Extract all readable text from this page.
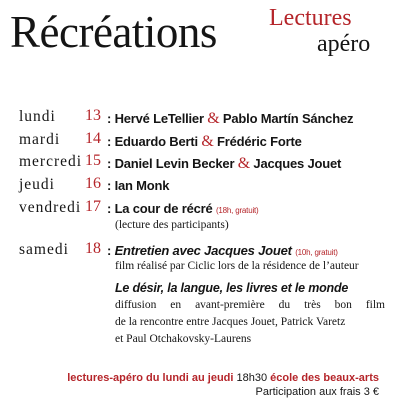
Récréations Lectures
apéro
lundi	13 : Hervé LeTellier & Pablo Martín Sánchez
mardi	14 : Eduardo Berti & Frédéric Forte
mercredi 15 : Daniel Levin Becker & Jacques Jouet
jeudi	16 : Ian Monk
vendredi 17 : La cour de récré (18h, gratuit)
(lecture des participants)
samedi	18 : Entretien avec Jacques Jouet (10h, gratuit)
film réalisé par Ciclic lors de la résidence de l’auteur
Le désir, la langue, les livres et le monde
diffusion en avant-première du très bon film
de la rencontre entre Jacques Jouet, Patrick Varetz
et Paul Otchakovsky-Laurens
lectures-apéro du lundi au jeudi 18h30 école des beaux-arts
Participation aux frais 3 €
